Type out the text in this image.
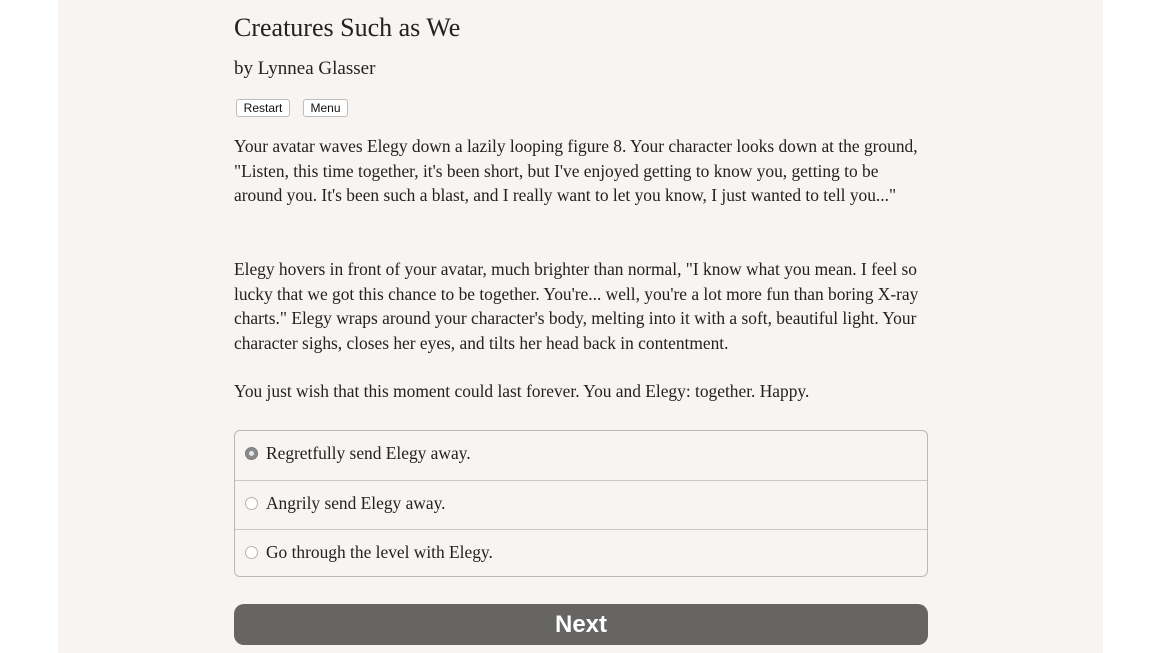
Creatures Such as We
by Lynnea Glasser
Restart	Menu

Your avatar waves Elegy down a lazily looping figure 8. Your character looks down at the ground, "Listen, this time together, it's been short, but I've enjoyed getting to know you, getting to be around you. It's been such a blast, and I really want to let you know, I just wanted to tell you..."

Elegy hovers in front of your avatar, much brighter than normal, "I know what you mean. I feel so lucky that we got this chance to be together. You're... well, you're a lot more fun than boring X-ray charts." Elegy wraps around your character's body, melting into it with a soft, beautiful light. Your character sighs, closes her eyes, and tilts her head back in contentment.

You just wish that this moment could last forever. You and Elegy: together. Happy.

Regretfully send Elegy away.
Angrily send Elegy away.
Go through the level with Elegy.
Next
